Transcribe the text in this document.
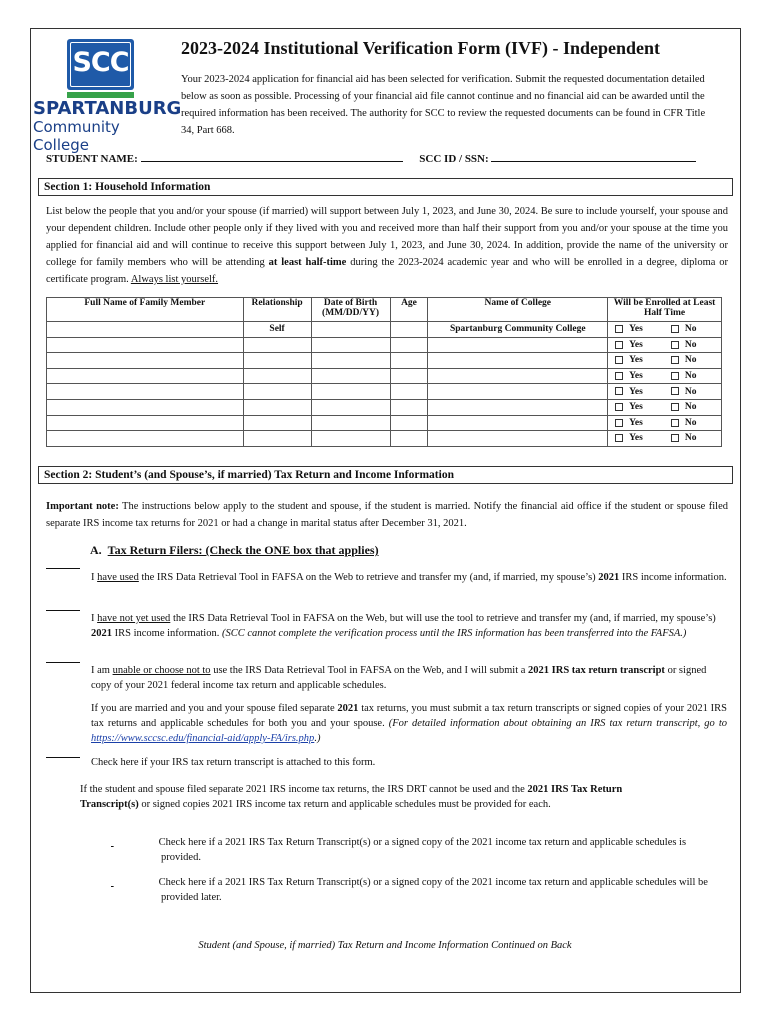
SCC
SPARTANBURG
Community College
2023-2024 Institutional Verification Form (IVF) - Independent
Your 2023-2024 application for financial aid has been selected for verification. Submit the requested documentation detailed below as soon as possible. Processing of your financial aid file cannot continue and no financial aid can be awarded until the required information has been received. The authority for SCC to review the requested documents can be found in CFR Title 34, Part 668.
STUDENT NAME:	SCC ID / SSN:
Section 1: Household Information
List below the people that you and/or your spouse (if married) will support between July 1, 2023, and June 30, 2024. Be sure to include yourself, your spouse and your dependent children. Include other people only if they lived with you and received more than half their support from you and/or your spouse at the time you applied for financial aid and will continue to receive this support between July 1, 2023, and June 30, 2024. In addition, provide the name of the university or college for family members who will be attending at least half-time during the 2023-2024 academic year and who will be enrolled in a degree, diploma or certificate program. Always list yourself.
Full Name of Family Member	Relationship	Date of Birth (MM/DD/YY)	Age	Name of College	Will be Enrolled at Least Half Time
	Self			Spartanburg Community College	Yes No
					Yes No
					Yes No
					Yes No
					Yes No
					Yes No
					Yes No
					Yes No
Section 2: Student’s (and Spouse’s, if married) Tax Return and Income Information
Important note: The instructions below apply to the student and spouse, if the student is married. Notify the financial aid office if the student or spouse filed separate IRS income tax returns for 2021 or had a change in marital status after December 31, 2021.
A. Tax Return Filers: (Check the ONE box that applies)
I have used the IRS Data Retrieval Tool in FAFSA on the Web to retrieve and transfer my (and, if married, my spouse’s) 2021 IRS income information.
I have not yet used the IRS Data Retrieval Tool in FAFSA on the Web, but will use the tool to retrieve and transfer my (and, if married, my spouse’s) 2021 IRS income information. (SCC cannot complete the verification process until the IRS information has been transferred into the FAFSA.)
I am unable or choose not to use the IRS Data Retrieval Tool in FAFSA on the Web, and I will submit a 2021 IRS tax return transcript or signed copy of your 2021 federal income tax return and applicable schedules.
If you are married and you and your spouse filed separate 2021 tax returns, you must submit a tax return transcripts or signed copies of your 2021 IRS tax returns and applicable schedules for both you and your spouse. (For detailed information about obtaining an IRS tax return transcript, go to https://www.sccsc.edu/financial-aid/apply-FA/irs.php.)
Check here if your IRS tax return transcript is attached to this form.
If the student and spouse filed separate 2021 IRS income tax returns, the IRS DRT cannot be used and the 2021 IRS Tax Return Transcript(s) or signed copies 2021 IRS income tax return and applicable schedules must be provided for each.
Check here if a 2021 IRS Tax Return Transcript(s) or a signed copy of the 2021 income tax return and applicable schedules is provided.
Check here if a 2021 IRS Tax Return Transcript(s) or a signed copy of the 2021 income tax return and applicable schedules will be provided later.
Student (and Spouse, if married) Tax Return and Income Information Continued on Back
